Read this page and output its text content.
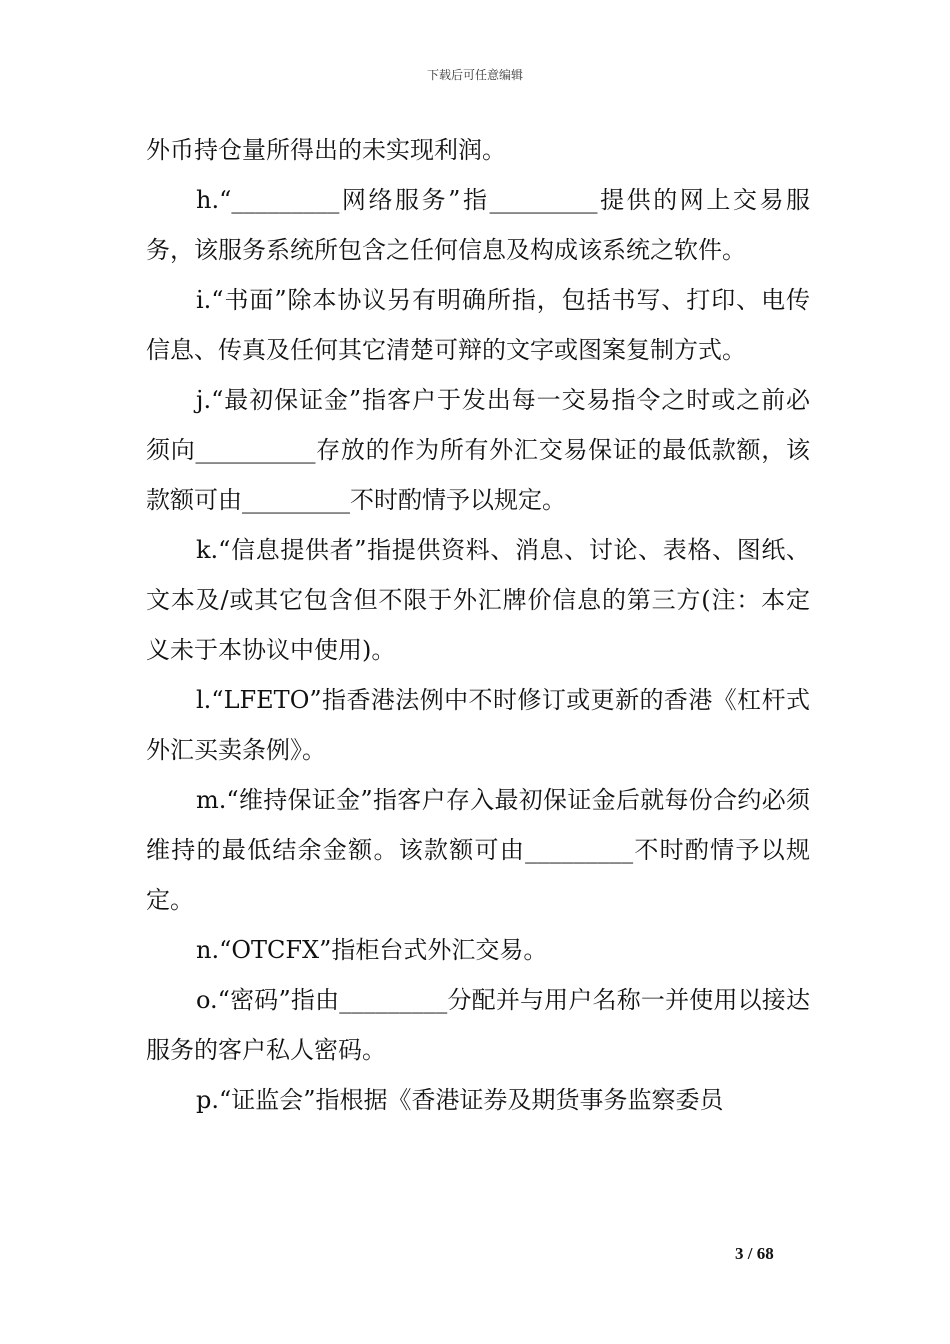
下载后可任意编辑

外币持仓量所得出的未实现利润。

h.“_________网络服务”指_________提供的网上交易服务，该服务系统所包含之任何信息及构成该系统之软件。

i.“书面”除本协议另有明确所指，包括书写、打印、电传信息、传真及任何其它清楚可辩的文字或图案复制方式。

j.“最初保证金”指客户于发出每一交易指令之时或之前必须向__________存放的作为所有外汇交易保证的最低款额，该款额可由_________不时酌情予以规定。

k.“信息提供者”指提供资料、消息、讨论、表格、图纸、文本及/或其它包含但不限于外汇牌价信息的第三方(注：本定义未于本协议中使用)。

l.“LFETO”指香港法例中不时修订或更新的香港《杠杆式外汇买卖条例》。

m.“维持保证金”指客户存入最初保证金后就每份合约必须维持的最低结余金额。该款额可由_________不时酌情予以规定。

n.“OTCFX”指柜台式外汇交易。

o.“密码”指由_________分配并与用户名称一并使用以接达服务的客户私人密码。

p.“证监会”指根据《香港证券及期货事务监察委员

3 / 68
